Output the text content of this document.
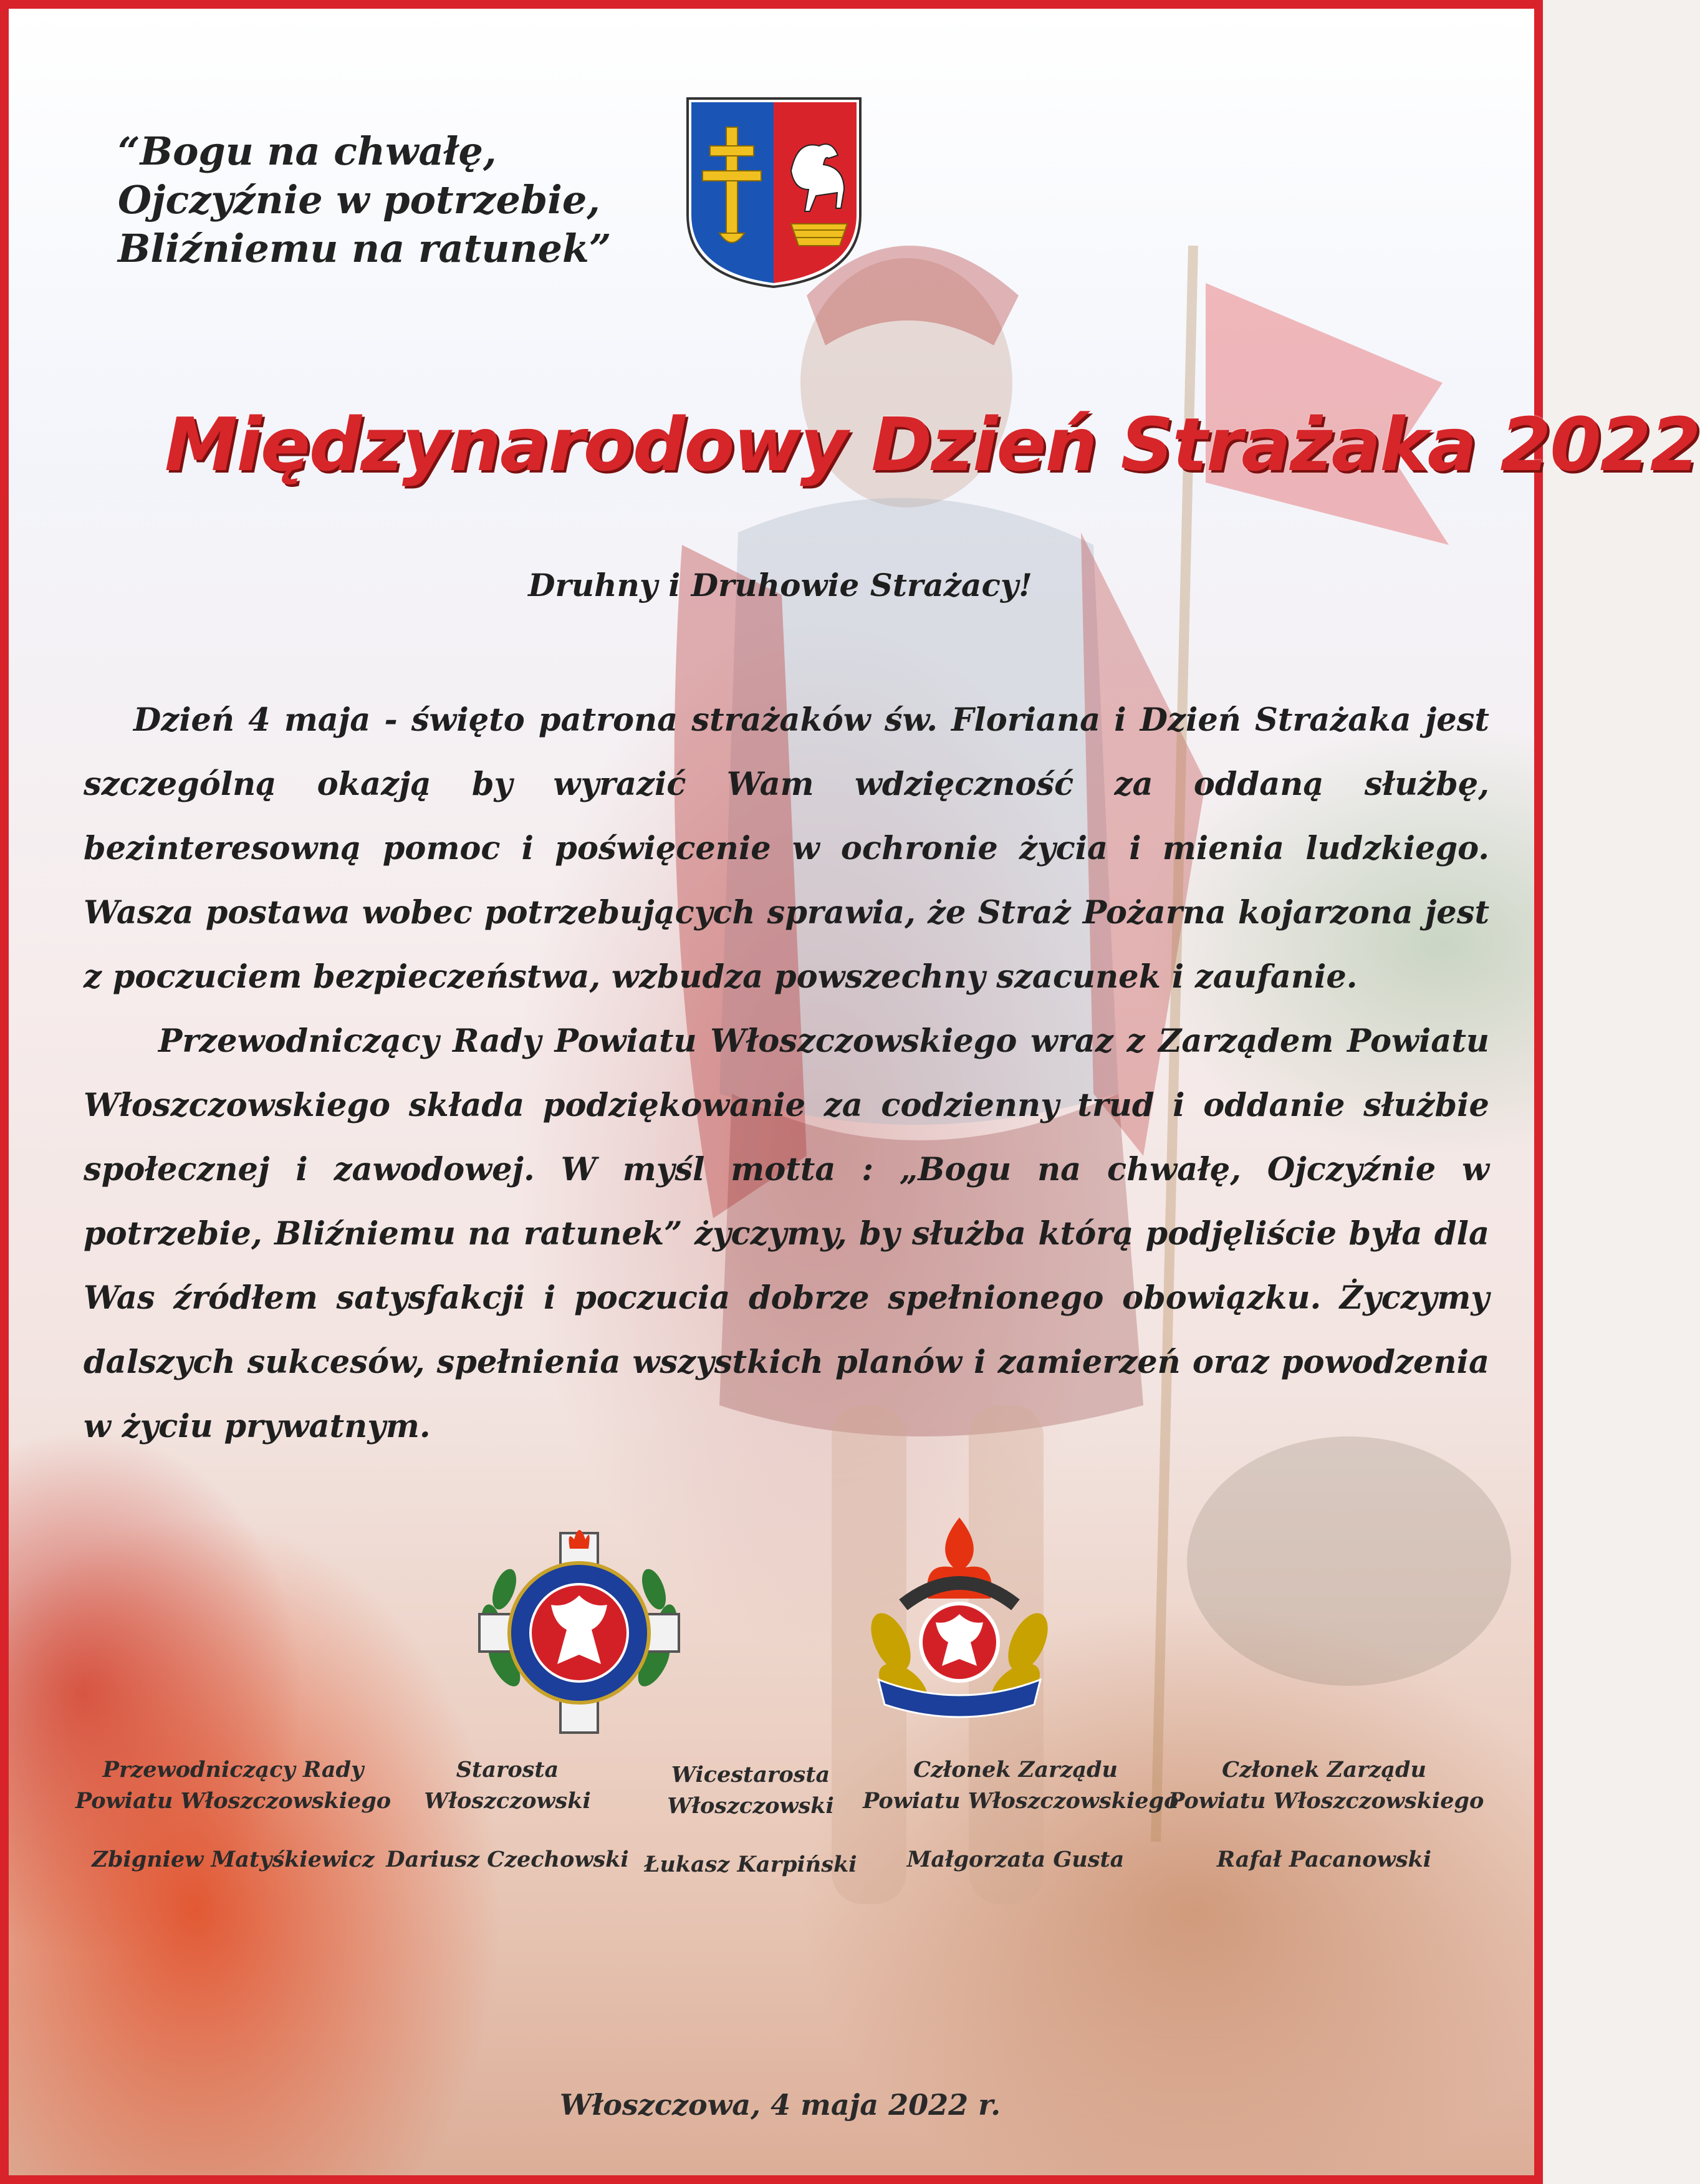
“Bogu na chwałę,
Ojczyźnie w potrzebie,
Bliźniemu na ratunek”
Międzynarodowy Dzień Strażaka 2022
Druhny i Druhowie Strażacy!

Dzień 4 maja - święto patrona strażaków św. Floriana i Dzień Strażaka jest szczególną okazją by wyrazić Wam wdzięczność za oddaną służbę, bezinteresowną pomoc i poświęcenie w ochronie życia i mienia ludzkiego. Wasza postawa wobec potrzebujących sprawia, że Straż Pożarna kojarzona jest z poczuciem bezpieczeństwa, wzbudza powszechny szacunek i zaufanie.

Przewodniczący Rady Powiatu Włoszczowskiego wraz z Zarządem Powiatu Włoszczowskiego składa podziękowanie za codzienny trud i oddanie służbie społecznej i zawodowej. W myśl motta : „Bogu na chwałę, Ojczyźnie w potrzebie, Bliźniemu na ratunek” życzymy, by służba którą podjęliście była dla Was źródłem satysfakcji i poczucia dobrze spełnionego obowiązku. Życzymy dalszych sukcesów, spełnienia wszystkich planów i zamierzeń oraz powodzenia w życiu prywatnym.

Przewodniczący Rady
Powiatu Włoszczowskiego
Zbigniew Matyśkiewicz
Starosta
Włoszczowski
Dariusz Czechowski
Wicestarosta
Włoszczowski
Łukasz Karpiński
Członek Zarządu
Powiatu Włoszczowskiego
Małgorzata Gusta
Członek Zarządu
Powiatu Włoszczowskiego
Rafał Pacanowski
Włoszczowa, 4 maja 2022 r.
